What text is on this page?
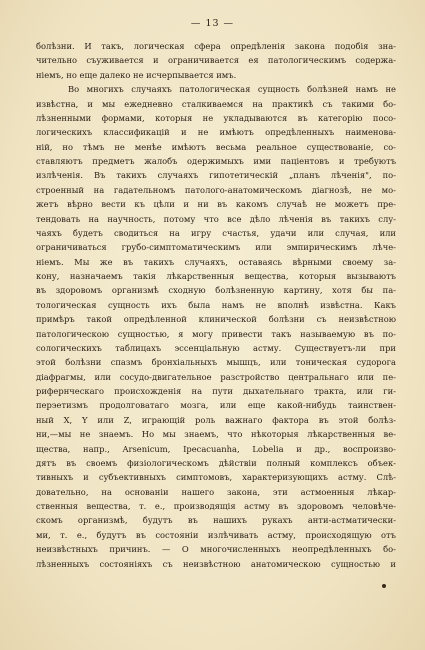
— 13 —
болѣзни. И такъ, логическая сфера опредѣленія закона подобія зна-
чительно съуживается и ограничивается ея патологическимъ содержа-
ніемъ, но еще далеко не исчерпывается имъ.
Во многихъ случаяхъ патологическая сущность болѣзней намъ не
извѣстна, и мы ежедневно сталкиваемся на практикѣ съ такими бо-
лѣзненными формами, которыя не укладываются въ категорію посо-
логическихъ классификацій и не имѣютъ опредѣленныхъ наименова-
ній, но тѣмъ не менѣе имѣютъ весьма реальное существованіе, со-
ставляютъ предметъ жалобъ одержимыхъ ими паціентовъ и требуютъ
излѣченія. Въ такихъ случаяхъ гипотетическій „планъ лѣченія", по-
строенный на гадательномъ патолого-анатомическомъ діагнозѣ, не мо-
жетъ вѣрно вести къ цѣли и ни въ какомъ случаѣ не можетъ пре-
тендовать на научность, потому что все дѣло лѣченія въ такихъ слу-
чаяхъ будетъ сводиться на игру счастья, удачи или случая, или
ограничиваться грубо-симптоматическимъ или эмпирическимъ лѣче-
ніемъ. Мы же въ такихъ случаяхъ, оставаясь вѣрными своему за-
кону, назначаемъ такія лѣкарственныя вещества, которыя вызываютъ
въ здоровомъ организмѣ сходную болѣзненную картину, хотя бы па-
тологическая сущность ихъ была намъ не вполнѣ извѣстна. Какъ
примѣръ такой опредѣленной клинической болѣзни съ неизвѣстною
патологическою сущностью, я могу привести такъ называемую въ по-
сологическихъ таблицахъ эссенціальную астму. Существуетъ-ли при
этой болѣзни спазмъ бронхіальныхъ мышцъ, или тоническая судорога
діафрагмы, или сосудо-двигательное разстройство центральнаго или пе-
рифернческаго происхожденія на пути дыхательнаго тракта, или ги-
перэетизмъ продолговатаго мозга, или еще какой-нибудь таинствен-
ный X, Y или Z, играющій роль важнаго фактора въ этой болѣз-
ни,—мы не знаемъ. Но мы знаемъ, что нѣкоторыя лѣкарственныя ве-
щества, напр., Arsenicum, Ipecacuanha, Lobelia и др., воспроизво-
дятъ въ своемъ физіологическомъ дѣйствіи полный комплексъ объек-
тивныхъ и субъективныхъ симптомовъ, характеризующихъ астму. Слѣ-
довательно, на основаніи нашего закона, эти астмоенныя лѣкар-
ственныя вещества, т. е., производящія астму въ здоровомъ человѣче-
скомъ организмѣ, будутъ въ нашихъ рукахъ анти-астматически-
ми, т. е., будутъ въ состояніи излѣчивать астму, происходящую отъ
неизвѣстныхъ причинъ. — О многочисленныхъ неопредѣленныхъ бо-
лѣзненныхъ состояніяхъ съ неизвѣстною анатомическою сущностью и
